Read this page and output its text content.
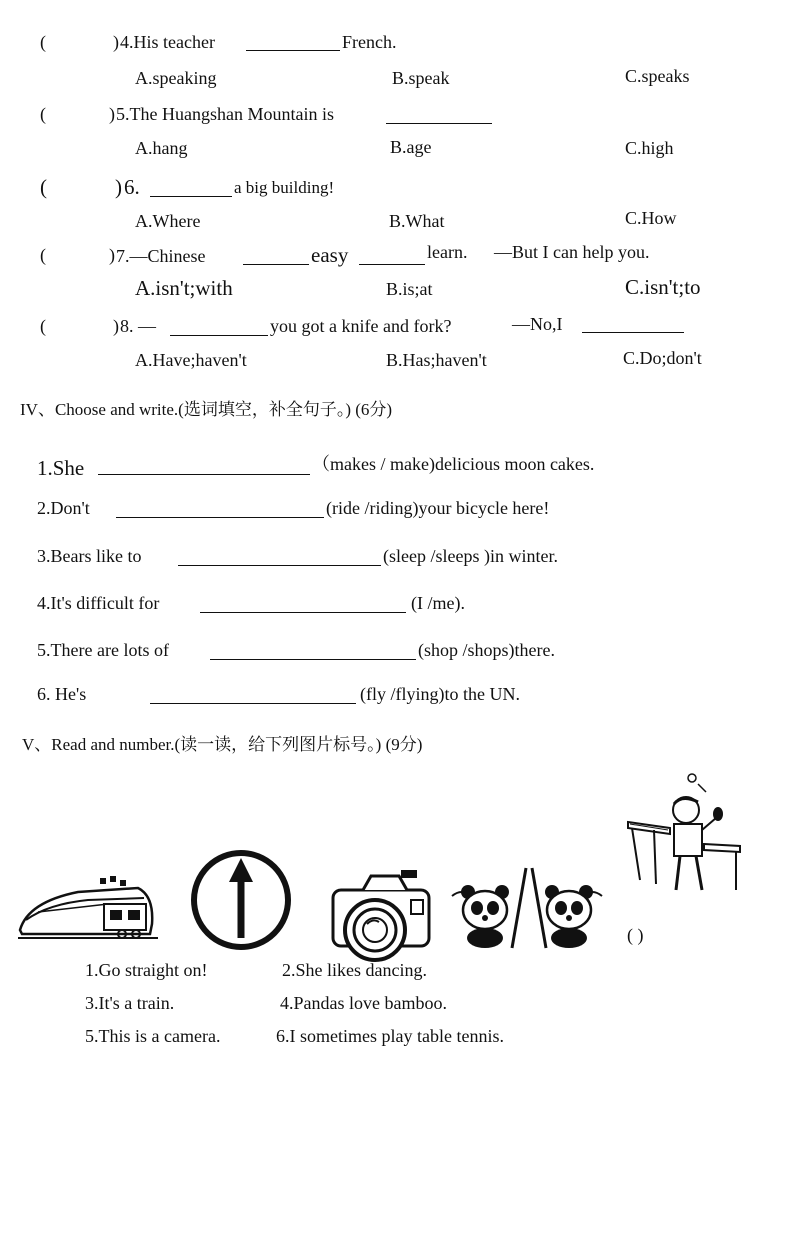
(	) 4.His teacher	French.
A.speaking	B.speak	C.speaks
(	) 5.The Huangshan Mountain is
A.hang	B.age	C.high
(	) 6.	a big building!
A.Where	B.What	C.How
(	) 7.—Chinese	easy	learn. —But I can help you.
A.isn't;with	B.is;at	C.isn't;to
(	) 8. —	you got a knife and fork?	—No,I
A.Have;haven't	B.Has;haven't	C.Do;don't
IV、Choose and write.(选词填空，补全句子。) (6分)
1.She	（makes / make)delicious moon cakes.
2.Don't	(ride /riding)your bicycle here!
3.Bears like to	(sleep /sleeps )in winter.
4.It's difficult for	(I /me).
5.There are lots of	(shop /shops)there.
6. He's	(fly /flying)to the UN.
V、Read and number.(读一读，给下列图片标号。) (9分)
( )
1.Go straight on!	2.She likes dancing.
3.It's a train.	4.Pandas love bamboo.
5.This is a camera.	6.I sometimes play table tennis.
